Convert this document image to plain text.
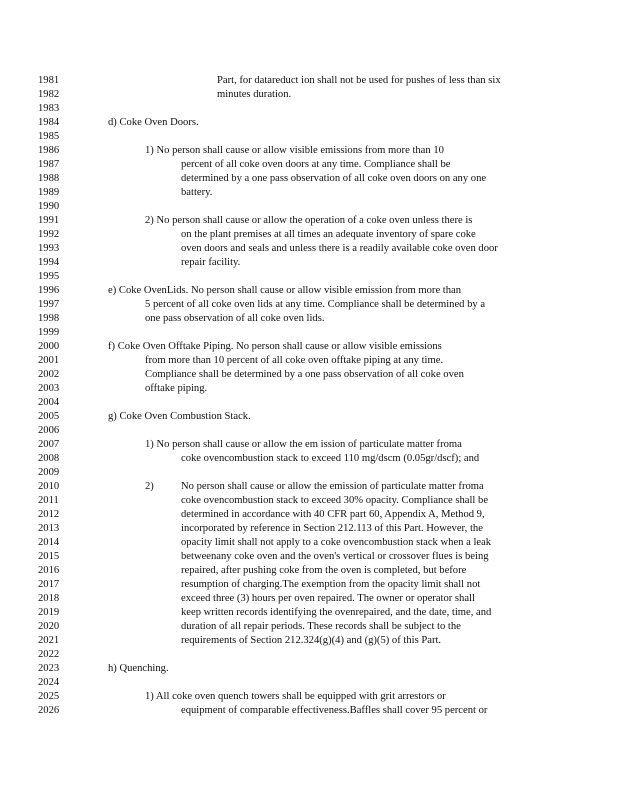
1981
1982
1983
1984
1985
1986
1987
1988
1989
1990
1991
1992
1993
1994
1995
1996
1997
1998
1999
2000
2001
2002
2003
2004
2005
2006
2007
2008
2009
2010
2011
2012
2013
2014
2015
2016
2017
2018
2019
2020
2021
2022
2023
2024
2025
2026
Part, for datareduct ion shall not be used for pushes of less than six
minutes duration.
d) Coke Oven Doors.
1) No person shall cause or allow visible emissions from more than 10
percent of all coke oven doors at any time. Compliance shall be
determined by a one pass observation of all coke oven doors on any one
battery.
2) No person shall cause or allow the operation of a coke oven unless there is
on the plant premises at all times an adequate inventory of spare coke
oven doors and seals and unless there is a readily available coke oven door
repair facility.
e) Coke OvenLids. No person shall cause or allow visible emission from more than
5 percent of all coke oven lids at any time. Compliance shall be determined by a
one pass observation of all coke oven lids.
f) Coke Oven Offtake Piping. No person shall cause or allow visible emissions
from more than 10 percent of all coke oven offtake piping at any time.
Compliance shall be determined by a one pass observation of all coke oven
offtake piping.
g) Coke Oven Combustion Stack.
1) No person shall cause or allow the em ission of particulate matter froma
coke ovencombustion stack to exceed 110 mg/dscm (0.05gr/dscf); and
2)	No person shall cause or allow the emission of particulate matter froma
coke ovencombustion stack to exceed 30% opacity. Compliance shall be
determined in accordance with 40 CFR part 60, Appendix A, Method 9,
incorporated by reference in Section 212.113 of this Part. However, the
opacity limit shall not apply to a coke ovencombustion stack when a leak
betweenany coke oven and the oven's vertical or crossover flues is being
repaired, after pushing coke from the oven is completed, but before
resumption of charging.The exemption from the opacity limit shall not
exceed three (3) hours per oven repaired. The owner or operator shall
keep written records identifying the ovenrepaired, and the date, time, and
duration of all repair periods. These records shall be subject to the
requirements of Section 212.324(g)(4) and (g)(5) of this Part.
h) Quenching.
1) All coke oven quench towers shall be equipped with grit arrestors or
equipment of comparable effectiveness.Baffles shall cover 95 percent or
